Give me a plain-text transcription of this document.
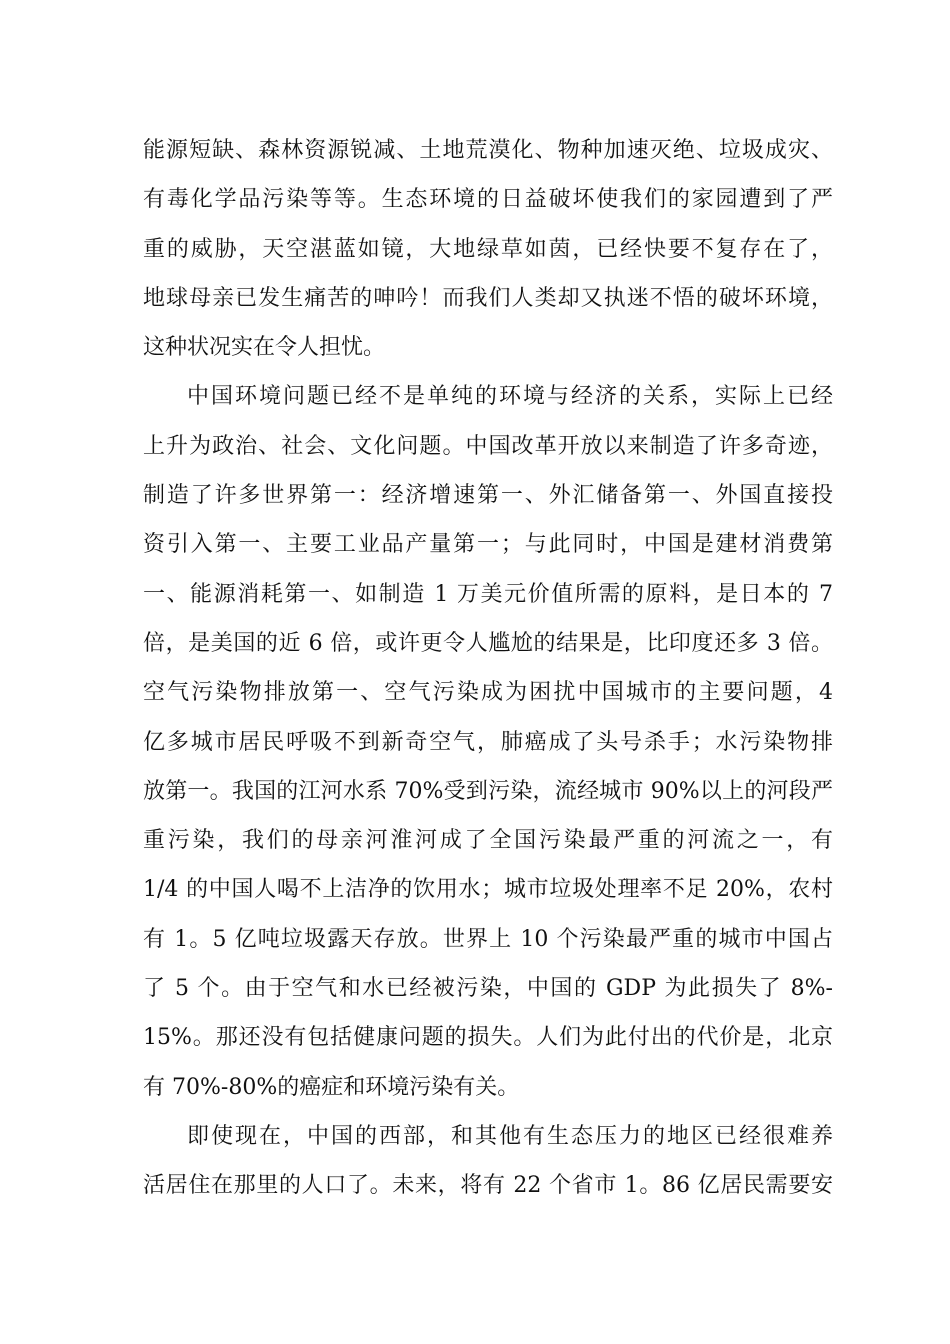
能源短缺、森林资源锐减、土地荒漠化、物种加速灭绝、垃圾成灾、
有毒化学品污染等等。生态环境的日益破坏使我们的家园遭到了严
重的威胁，天空湛蓝如镜，大地绿草如茵，已经快要不复存在了，
地球母亲已发生痛苦的呻吟！而我们人类却又执迷不悟的破坏环境，
这种状况实在令人担忧。
中国环境问题已经不是单纯的环境与经济的关系，实际上已经
上升为政治、社会、文化问题。中国改革开放以来制造了许多奇迹，
制造了许多世界第一：经济增速第一、外汇储备第一、外国直接投
资引入第一、主要工业品产量第一；与此同时，中国是建材消费第
一、能源消耗第一、如制造 1 万美元价值所需的原料，是日本的 7
倍，是美国的近 6 倍，或许更令人尴尬的结果是，比印度还多 3 倍。
空气污染物排放第一、空气污染成为困扰中国城市的主要问题，4
亿多城市居民呼吸不到新奇空气，肺癌成了头号杀手；水污染物排
放第一。我国的江河水系 70%受到污染，流经城市 90%以上的河段严
重污染，我们的母亲河淮河成了全国污染最严重的河流之一，有
1/4 的中国人喝不上洁净的饮用水；城市垃圾处理率不足 20%，农村
有 1。5 亿吨垃圾露天存放。世界上 10 个污染最严重的城市中国占
了 5 个。由于空气和水已经被污染，中国的 GDP 为此损失了 8%-
15%。那还没有包括健康问题的损失。人们为此付出的代价是，北京
有 70%-80%的癌症和环境污染有关。
即使现在，中国的西部，和其他有生态压力的地区已经很难养
活居住在那里的人口了。未来，将有 22 个省市 1。86 亿居民需要安
